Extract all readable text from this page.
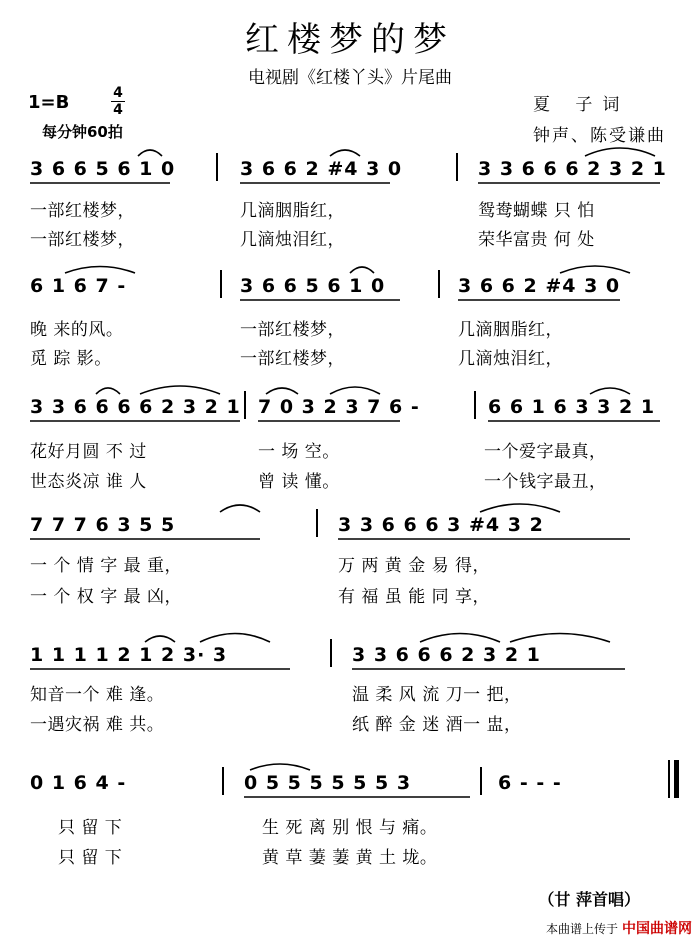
红楼梦的梦
电视剧《红楼丫头》片尾曲
1=B	4
4
每分钟60拍
夏 子词
钟声、陈受谦曲
3 6 6 5 6 1 0	3 6 6 2 #4 3 0	3 3 6 6 6 2 3 2 1
一部红楼梦，	几滴胭脂红，	鸳鸯蝴蝶 只 怕
一部红楼梦，	几滴烛泪红，	荣华富贵 何 处
6 1 6 7 -	3 6 6 5 6 1 0	3 6 6 2 #4 3 0
晚 来的风。	一部红楼梦，	几滴胭脂红，
觅 踪 影。	一部红楼梦，	几滴烛泪红，
3 3 6 6 6 6 2 3 2 1 7 0 3 2 3 7 6 -	6 6 1 6 3 3 2 1
花好月圆 不 过	一 场 空。	一个爱字最真，
世态炎凉 谁 人	曾 读 懂。	一个钱字最丑，
7 7 7 6 3 5 5	3 3 6 6 6 3 #4 3 2
一 个 情 字 最 重，	万 两 黄 金 易 得，
一 个 权 字 最 凶，	有 福 虽 能 同 享，
1 1 1 1 2 1 2 3· 3	3 3 6 6 6 2 3 2 1
知音一个 难 逢。	温 柔 风 流 刀一 把，
一遇灾祸 难 共。	纸 醉 金 迷 酒一 盅，
0 1 6 4 -	0 5 5 5 5 5 5 3	6 - - -
只 留 下	生 死 离 别 恨 与 痛。
只 留 下	黄 草 萋 萋 黄 土 垅。
（甘 萍首唱）
本曲谱上传于 中国曲谱网
